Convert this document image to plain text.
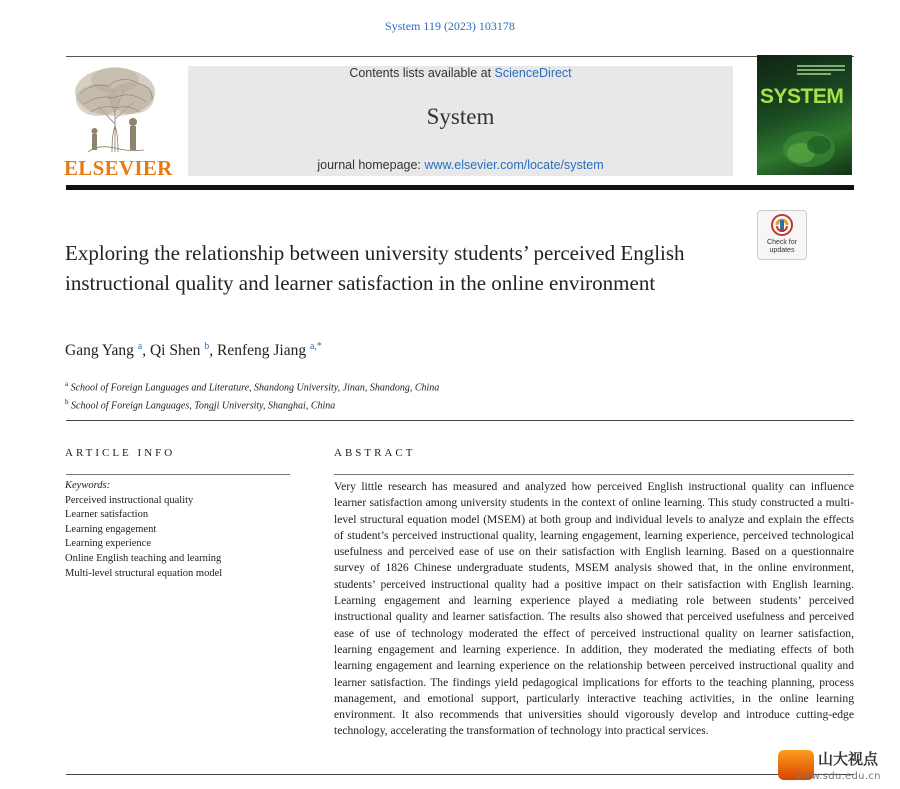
System 119 (2023) 103178
ELSEVIER
Contents lists available at ScienceDirect
System
journal homepage: www.elsevier.com/locate/system
SYSTEM
Check for
updates
Exploring the relationship between university students’ perceived English instructional quality and learner satisfaction in the online environment
Gang Yang $^a$, Qi Shen $^b$, Renfeng Jiang $^{a,*}$
$^a$ School of Foreign Languages and Literature, Shandong University, Jinan, Shandong, China
$^b$ School of Foreign Languages, Tongji University, Shanghai, China
ARTICLE INFO
Keywords:
Perceived instructional quality
Learner satisfaction
Learning engagement
Learning experience
Online English teaching and learning
Multi-level structural equation model
ABSTRACT

Very little research has measured and analyzed how perceived English instructional quality can influence learner satisfaction among university students in the context of online learning. This study constructed a multi-level structural equation model (MSEM) at both group and individual levels to analyze and explain the effects of student’s perceived instructional quality, learning engagement, learning experience, perceived technological usefulness and perceived ease of use on their satisfaction with English learning. Based on a questionnaire survey of 1826 Chinese undergraduate students, MSEM analysis showed that, in the online environment, students’ perceived instructional quality had a positive impact on their satisfaction with English learning. Learning engagement and learning experience played a mediating role between students’ perceived instructional quality and learner satisfaction. The results also showed that perceived usefulness and perceived ease of use of technology moderated the effect of perceived instructional quality on learner satisfaction, learning engagement and learning experience. In addition, they moderated the mediating effects of both learning engagement and learning experience on the relationship between perceived instructional quality and learner satisfaction. The findings yield pedagogical implications for efforts to the teaching planning, process management, and emotional support, particularly interactive teaching activities, in the online learning environment. It also recommends that universities should vigorously develop and introduce cutting-edge technology, accelerating the transformation of technology into practical services.

山大视点
view.sdu.edu.cn
